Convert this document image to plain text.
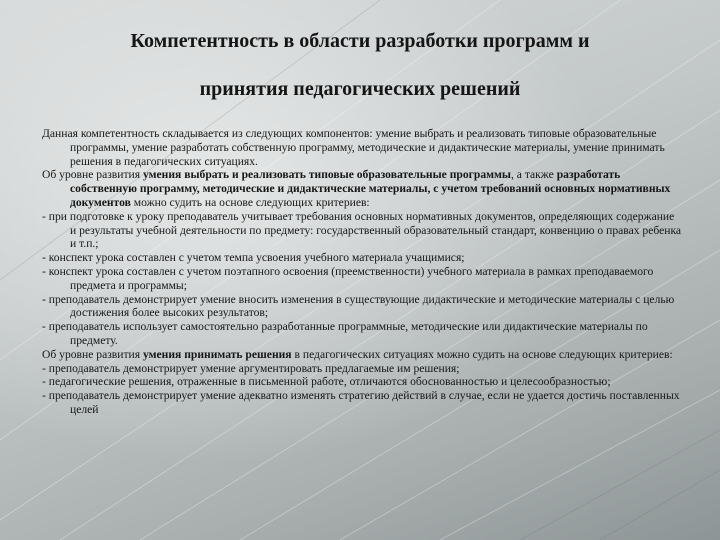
Компетентность в области разработки программ и
принятия педагогических решений

Данная компетентность складывается из следующих компонентов: умение выбрать и реализовать типовые образовательные программы, умение разработать собственную программу, методические и дидактические материалы, умение принимать решения в педагогических ситуациях.

Об уровне развития умения выбрать и реализовать типовые образовательные программы, а также разработать собственную программу, методические и дидактические материалы, с учетом требований основных нормативных документов можно судить на основе следующих критериев:

- при подготовке к уроку преподаватель учитывает требования основных нормативных документов, определяющих содержание и результаты учебной деятельности по предмету: государственный образовательный стандарт, конвенцию о правах ребенка и т.п.;

- конспект урока составлен с учетом темпа усвоения учебного материала учащимися;

- конспект урока составлен с учетом поэтапного освоения (преемственности) учебного материала в рамках преподаваемого предмета и программы;

- преподаватель демонстрирует умение вносить изменения в существующие дидактические и методические материалы с целью достижения более высоких результатов;

- преподаватель использует самостоятельно разработанные программные, методические или дидактические материалы по предмету.

Об уровне развития умения принимать решения в педагогических ситуациях можно судить на основе следующих критериев:

- преподаватель демонстрирует умение аргументировать предлагаемые им решения;

- педагогические решения, отраженные в письменной работе, отличаются обоснованностью и целесообразностью;

- преподаватель демонстрирует умение адекватно изменять стратегию действий в случае, если не удается достичь поставленных целей
